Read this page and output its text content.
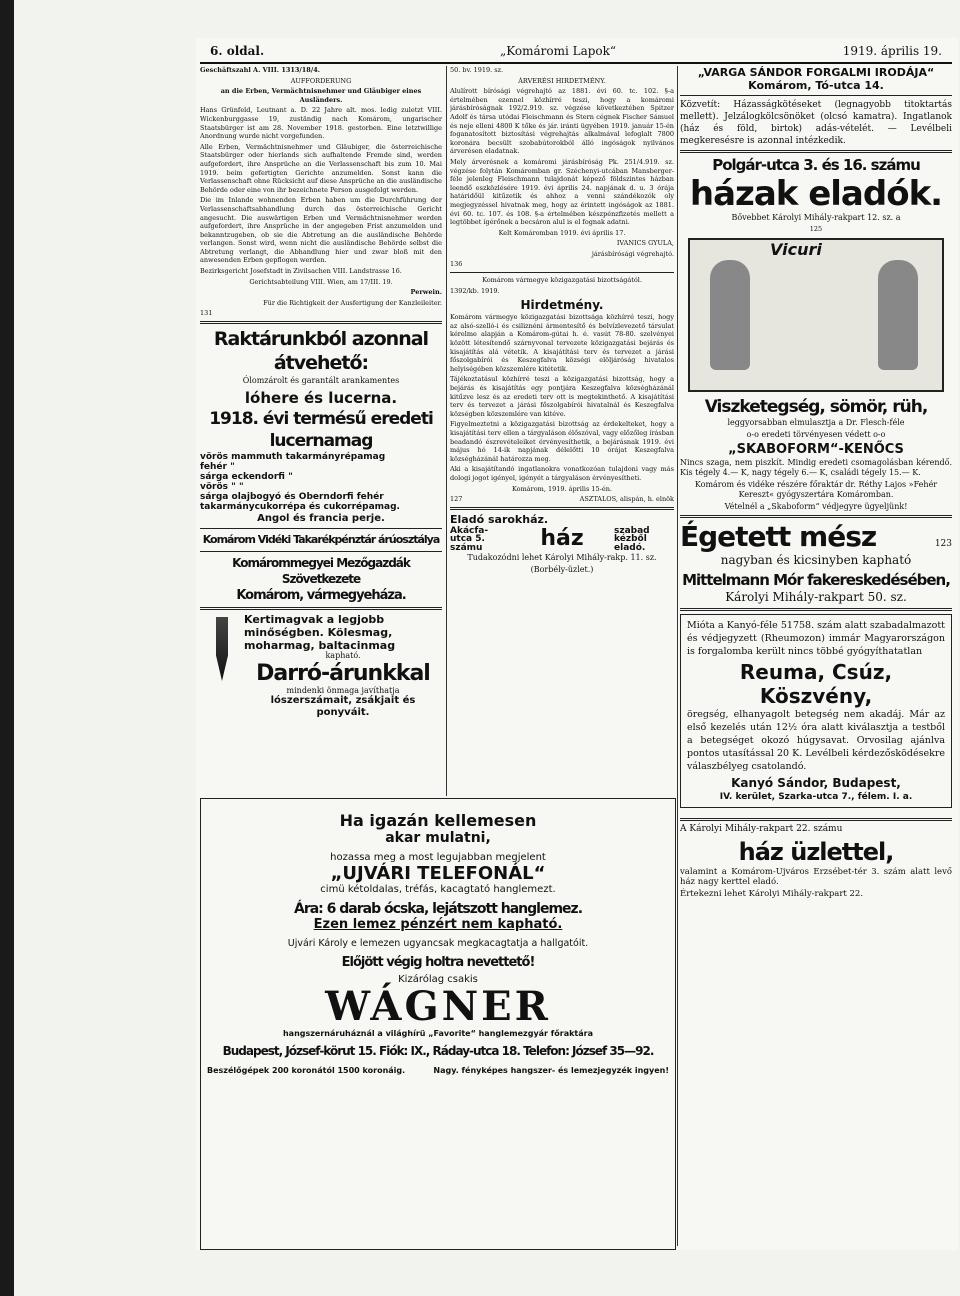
6. oldal.	„Komáromi Lapok“	1919. április 19.
Geschäftszahl A. VIII. 1313/18/4.
AUFFORDERUNG
an die Erben, Vermächtnisnehmer und Gläubiger eines Ausländers.
Hans Grünfeld, Leutnant a. D. 22 Jahre alt. mos. ledig zuletzt VIII. Wickenburggasse 19, zuständig nach Komárom, ungarischer Staatsbürger ist am 28. November 1918. gestorben. Eine letztwillige Anordnung wurde nicht vorgefunden.
Alle Erben, Vermächtnisnehmer und Gläubiger, die österreichische Staatsbürger oder hierlands sich aufhaltende Fremde sind, werden aufgefordert, ihre Ansprüche an die Verlassenschaft bis zum 10. Mai 1919. beim gefertigten Gerichte anzumelden. Sonst kann die Verlassenschaft ohne Rücksicht auf diese Ansprüche an die ausländische Behörde oder eine von ihr bezeichnete Person ausgefolgt werden.
Die im Inlande wohnenden Erben haben um die Durchführung der Verlassenschaftsabhandlung durch das österreichische Gericht angesucht. Die auswärtigen Erben und Vermächtnisnehmer werden aufgefordert, ihre Ansprüche in der angegeben Frist anzumelden und bekanntzugeben, ob sie die Abtretung an die ausländische Behörde verlangen. Sonst wird, wenn nicht die ausländische Behörde selbst die Abtretung verlangt, die Abhandlung hier und zwar bloß mit den anwesenden Erben gepflogen werden.
Bezirksgericht Josefstadt in Zivilsachen VIII. Landstrasse 16.
Gerichtsabteilung VIII. Wien, am 17/III. 19.
Perwein.
Für die Richtigkeit der Ausfertigung der Kanzleileiter.
131
Raktárunkból azonnal átvehető:
Ólomzárolt és garantált arankamentes
lóhere és lucerna.
1918. évi termésű eredeti lucernamag
vörös mammuth takarmányrépamag
fehér "
sárga eckendorfi "
vörös " "
sárga olajbogyó és Oberndorfi fehér
takarmánycukorrépa és cukorrépamag.
Angol és francia perje.
Komárom Vidéki Takarékpénztár árúosztálya
Komárommegyei Mezőgazdák Szövetkezete
Komárom, vármegyeháza.
Kertimagvak a legjobb
minőségben. Kölesmag,
moharmag, baltacinmag
kapható.
Darró-árunkkal
mindenki önmaga javíthatja
lószerszámait, zsákjait és
ponyváit.
50. bv. 1919. sz.
ÁRVERÉSI HIRDETMÉNY.
Alulírott bírósági végrehajtó az 1881. évi 60. tc. 102. §-a értelmében ezennel közhírré teszi, hogy a komáromi járásbíróságnak 192/2.919. sz. végzése következtében Spitzer Adolf és társa utódai Fleischmann és Stern cégnek Fischer Sámuel és neje elleni 4800 K tőke és jár. iránti ügyében 1919. január 15-én foganatosított biztosítási végrehajtás alkalmával lefoglalt 7800 koronára becsült szobabútorokból álló ingóságok nyilvános árverésen eladatnak.
Mely árverésnek a komáromi járásbíróság Pk. 251/4.919. sz. végzése folytán Komáromban gr. Széchenyi-utcában Mansberger-féle jelenleg Fleischmann tulajdonát képező földszintes házban leendő eszközlésére 1919. évi április 24. napjának d. u. 3 órája határidőül kitűzetik és ahhoz a venni szándékozók oly megjegyzéssel hivatnak meg, hogy az érintett ingóságok az 1881. évi 60. tc. 107. és 108. §-a értelmében készpénzfizetés mellett a legtöbbet ígérőnek a becsáron alul is el fognak adatni.
Kelt Komáromban 1919. évi április 17.
IVANICS GYULA,
járásbírósági végrehajtó.
136
Komárom vármegye közigazgatási bizottságától.
1392/kb. 1919.
Hirdetmény.
Komárom vármegye közigazgatási bizottsága közhírré teszi, hogy az alsó-szelló-i és csiliznéni ármentesítő és belvízlevezető társulat kérelme alapján a Komárom-gútai h. é. vasút 78-80. szelvényei között létesítendő szárnyvonal tervezete közigazgatási bejárás és kisajátítás alá vétetik. A kisajátítási terv és tervezet a járási főszolgabírói és Keszegfalva községi elöljáróság hivatalos helyiségében közszemlére kitétetik.
Tájékoztatásul közhírré teszi a közigazgatási bizottság, hogy a bejárás és kisajátítás egy pontjára Keszegfalva községházánál kitűzve lesz és az eredeti terv ott is megtekinthető. A kisajátítási terv és tervezet a járási főszolgabírói hivatalnál és Keszegfalva községben közszemlére van kitéve.
Figyelmeztetni a közigazgatási bizottság az érdekelteket, hogy a kisajátítási terv ellen a tárgyaláson élőszóval, vagy előzőleg írásban beadandó észrevételeiket érvényesíthetik, a bejárásnak 1919. évi május hó 14-ik napjának délelőtti 10 órájat Keszegfalva községházánál határozza meg.
Aki a kisajátítandó ingatlanokra vonatkozóan tulajdoni vagy más dologi jogot igényel, igényét a tárgyaláson érvényesítheti.
Komárom, 1919. április 15-én.
127	ASZTALOS, alispán, h. elnök
Eladó sarokház.
Akácfa-utca 5. számu	ház	szabad kézből eladó.
Tudakozódni lehet Károlyi Mihály-rakp. 11. sz.
(Borbély-üzlet.)
„VARGA SÁNDOR FORGALMI IRODÁJA“
Komárom, Tó-utca 14.
Közvetít: Házasságkötéseket (legnagyobb titoktartás mellett). Jelzálogkölcsönöket (olcsó kamatra). Ingatlanok (ház és föld, birtok) adás-vételét. — Levélbeli megkeresésre is azonnal intézkedik.
Polgár-utca 3. és 16. számu
házak eladók.
Bővebbet Károlyi Mihály-rakpart 12. sz. a
125
Vicuri
Viszketegség, sömör, rüh,
leggyorsabban elmulasztja a Dr. Flesch-féle
o-o eredeti törvényesen védett o-o
„SKABOFORM“-KENŐCS
Nincs szaga, nem piszkít. Mindig eredeti csomagolásban kérendő. Kis tégely 4.— K, nagy tégely 6.— K, családi tégely 15.— K.
Komárom és vidéke részére főraktár dr. Réthy Lajos »Fehér Kereszt« gyógyszertára Komáromban.
Vételnél a „Skaboform“ védjegyre ügyeljünk!
Égetett mész	123
nagyban és kicsinyben kapható
Mittelmann Mór fakereskedésében,
Károlyi Mihály-rakpart 50. sz.
Mióta a Kanyó-féle 51758. szám alatt szabadalmazott és védjegyzett (Rheumozon) immár Magyarországon is forgalomba került nincs többé gyógyíthatatlan
Reuma, Csúz,
Köszvény,
öregség, elhanyagolt betegség nem akadáj. Már az első kezelés után 12½ óra alatt kiválasztja a testből a betegséget okozó húgysavat. Orvosilag ajánlva pontos utasítással 20 K. Levélbeli kérdezősködésekre válaszbélyeg csatolandó.
Kanyó Sándor, Budapest,
IV. kerület, Szarka-utca 7., félem. I. a.
A Károlyi Mihály-rakpart 22. számu
ház üzlettel,
valamint a Komárom-Ujváros Erzsébet-tér 3. szám alatt levő ház nagy kerttel eladó.
Értekezni lehet Károlyi Mihály-rakpart 22.
Ha igazán kellemesen
akar mulatni,
hozassa meg a most legujabban megjelent
„UJVÁRI TELEFONÁL“
cimü kétoldalas, tréfás, kacagtató hanglemezt.
Ára: 6 darab ócska, lejátszott hanglemez.
Ezen lemez pénzért nem kapható.
Ujvári Károly e lemezen ugyancsak megkacagtatja a hallgatóit.
Előjött végig holtra nevettető!
Kizárólag csakis
WÁGNER
hangszernáruháznál a világhírü „Favorite“ hanglemezgyár főraktára
Budapest, József-körut 15. Fiók: IX., Ráday-utca 18. Telefon: József 35—92.
Beszélőgépek 200 koronától 1500 koronáig.	Nagy. fényképes hangszer- és lemezjegyzék ingyen!
